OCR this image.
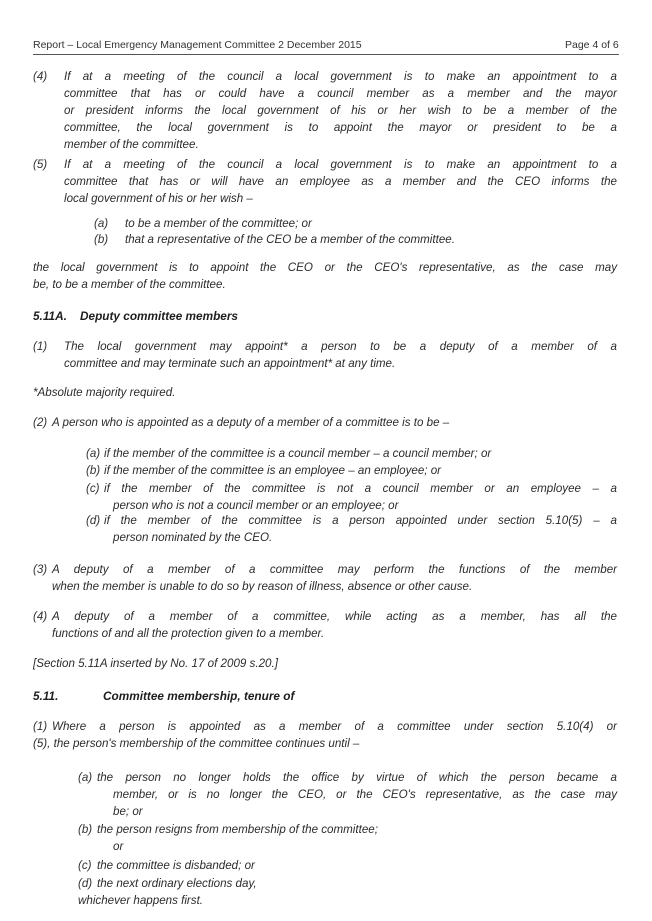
Report – Local Emergency Management Committee 2 December 2015	Page 4 of 6
(4) If at a meeting of the council a local government is to make an appointment to a
committee that has or could have a council member as a member and the mayor
or president informs the local government of his or her wish to be a member of the
committee, the local government is to appoint the mayor or president to be a
member of the committee.
(5) If at a meeting of the council a local government is to make an appointment to a
committee that has or will have an employee as a member and the CEO informs the
local government of his or her wish –
(a) to be a member of the committee; or
(b) that a representative of the CEO be a member of the committee.
the local government is to appoint the CEO or the CEO's representative, as the case may
be, to be a member of the committee.
5.11A. Deputy committee members
(1) The local government may appoint* a person to be a deputy of a member of a
committee and may terminate such an appointment* at any time.
*Absolute majority required.
(2) A person who is appointed as a deputy of a member of a committee is to be –
(a) if the member of the committee is a council member – a council member; or
(b) if the member of the committee is an employee – an employee; or
(c) if the member of the committee is not a council member or an employee – a
person who is not a council member or an employee; or
(d) if the member of the committee is a person appointed under section 5.10(5) – a
person nominated by the CEO.
(3) A deputy of a member of a committee may perform the functions of the member
when the member is unable to do so by reason of illness, absence or other cause.
(4) A deputy of a member of a committee, while acting as a member, has all the
functions of and all the protection given to a member.
[Section 5.11A inserted by No. 17 of 2009 s.20.]
5.11.	Committee membership, tenure of
(1) Where a person is appointed as a member of a committee under section 5.10(4) or
(5), the person's membership of the committee continues until –
(a) the person no longer holds the office by virtue of which the person became a
member, or is no longer the CEO, or the CEO's representative, as the case may
be; or
(b) the person resigns from membership of the committee;
or
(c) the committee is disbanded; or
(d) the next ordinary elections day,
whichever happens first.
